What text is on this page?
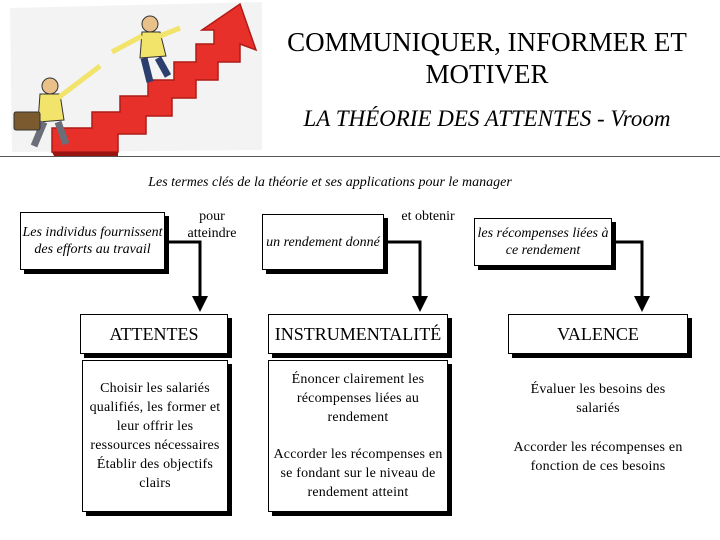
COMMUNIQUER, INFORMER ET MOTIVER
LA THÉORIE DES ATTENTES - Vroom
Les termes clés de la théorie et ses applications pour le manager
Les individus fournissent des efforts au travail
pour atteindre
un rendement donné
et obtenir
les récompenses liées à ce rendement
ATTENTES	INSTRUMENTALITÉ	VALENCE
Choisir les salariés qualifiés, les former et leur offrir les ressources nécessaires
Établir des objectifs clairs
Énoncer clairement les récompenses liées au rendement
Accorder les récompenses en se fondant sur le niveau de rendement atteint
Évaluer les besoins des salariés
Accorder les récompenses en fonction de ces besoins
